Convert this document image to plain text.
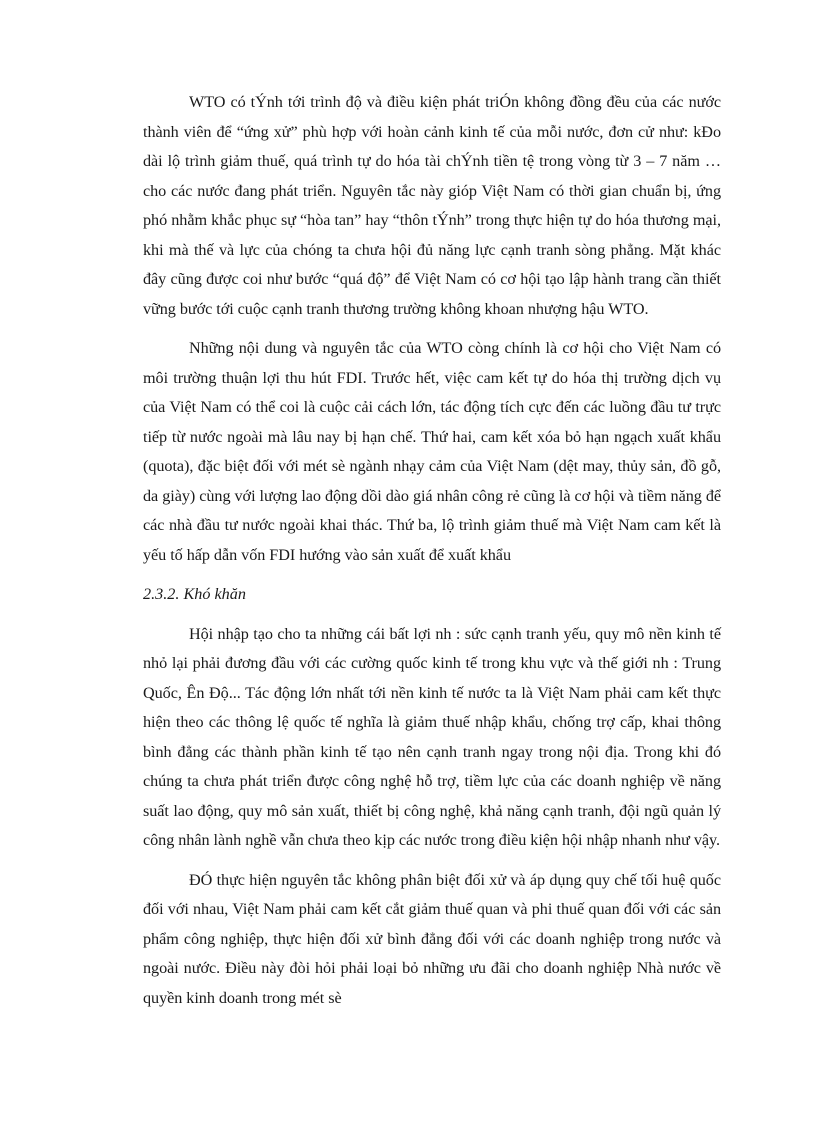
WTO có tÝnh tới trình độ và điều kiện phát triÓn không đồng đều của các nước thành viên để “ứng xử” phù hợp với hoàn cảnh kinh tế của mỗi nước, đơn cử như: kÐo dài lộ trình giảm thuế, quá trình tự do hóa tài chÝnh tiền tệ trong vòng từ 3 – 7 năm … cho các nước đang phát triển. Nguyên tắc này gióp Việt Nam có thời gian chuẩn bị, ứng phó nhằm khắc phục sự “hòa tan” hay “thôn tÝnh” trong thực hiện tự do hóa thương mại, khi mà thế và lực của chóng ta chưa hội đủ năng lực cạnh tranh sòng phẳng. Mặt khác đây cũng được coi như bước “quá độ” để Việt Nam có cơ hội tạo lập hành trang cần thiết vững bước tới cuộc cạnh tranh thương trường không khoan nhượng hậu WTO.

Những nội dung và nguyên tắc của WTO còng chính là cơ hội cho Việt Nam có môi trường thuận lợi thu hút FDI. Trước hết, việc cam kết tự do hóa thị trường dịch vụ của Việt Nam có thể coi là cuộc cải cách lớn, tác động tích cực đến các luồng đầu tư trực tiếp từ nước ngoài mà lâu nay bị hạn chế. Thứ hai, cam kết xóa bỏ hạn ngạch xuất khẩu (quota), đặc biệt đối với mét sè ngành nhạy cảm của Việt Nam (dệt may, thủy sản, đồ gỗ, da giày) cùng với lượng lao động dồi dào giá nhân công rẻ cũng là cơ hội và tiềm năng để các nhà đầu tư nước ngoài khai thác. Thứ ba, lộ trình giảm thuế mà Việt Nam cam kết là yếu tố hấp dẫn vốn FDI hướng vào sản xuất để xuất khẩu

2.3.2. Khó khăn

Hội nhập tạo cho ta những cái bất lợi nh : sức cạnh tranh yếu, quy mô nền kinh tế nhỏ lại phải đương đầu với các cường quốc kinh tế trong khu vực và thế giới nh : Trung Quốc, Ên Độ... Tác động lớn nhất tới nền kinh tế nước ta là Việt Nam phải cam kết thực hiện theo các thông lệ quốc tế nghĩa là giảm thuế nhập khẩu, chống trợ cấp, khai thông bình đẳng các thành phần kinh tế tạo nên cạnh tranh ngay trong nội địa. Trong khi đó chúng ta chưa phát triển được công nghệ hỗ trợ, tiềm lực của các doanh nghiệp về năng suất lao động, quy mô sản xuất, thiết bị công nghệ, khả năng cạnh tranh, đội ngũ quản lý công nhân lành nghề vẫn chưa theo kịp các nước trong điều kiện hội nhập nhanh như vậy.

ĐÓ thực hiện nguyên tắc không phân biệt đối xử và áp dụng quy chế tối huệ quốc đối với nhau, Việt Nam phải cam kết cắt giảm thuế quan và phi thuế quan đối với các sản phẩm công nghiệp, thực hiện đối xử bình đẳng đối với các doanh nghiệp trong nước và ngoài nước. Điều này đòi hỏi phải loại bỏ những ưu đãi cho doanh nghiệp Nhà nước về quyền kinh doanh trong mét sè
